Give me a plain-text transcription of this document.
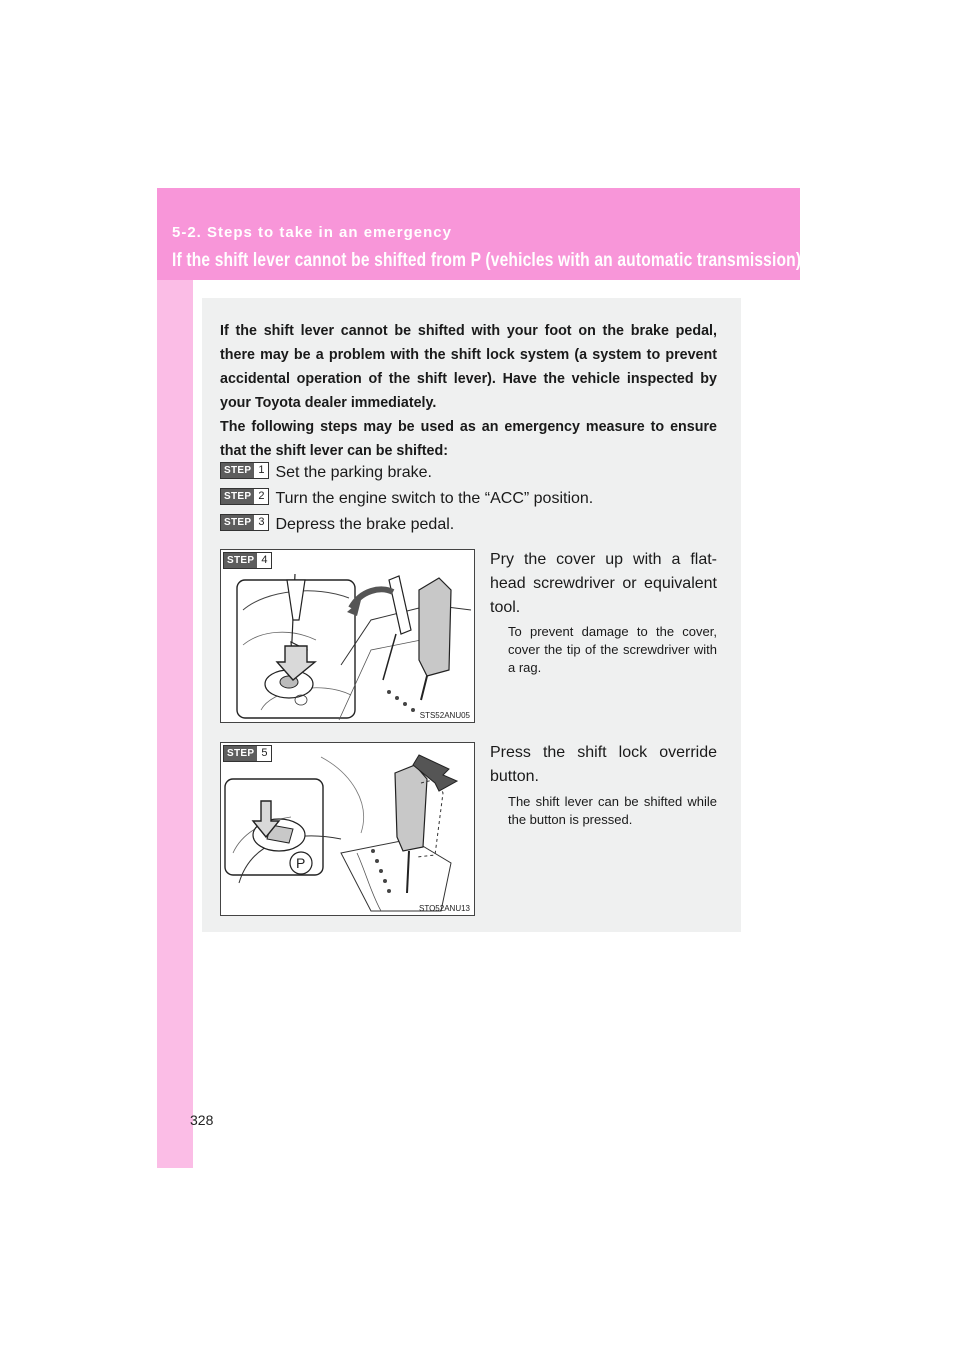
5-2. Steps to take in an emergency
If the shift lever cannot be shifted from P (vehicles with an automatic transmission)

If the shift lever cannot be shifted with your foot on the brake pedal, there may be a problem with the shift lock system (a system to prevent accidental operation of the shift lever). Have the vehicle inspected by your Toyota dealer immediately.

The following steps may be used as an emergency measure to ensure that the shift lever can be shifted:

STEP 1 Set the parking brake.
STEP 2 Turn the engine switch to the “ACC” position.
STEP 3 Depress the brake pedal.
STEP 4
STS52ANU05
Pry the cover up with a flat-head screwdriver or equivalent tool.
To prevent damage to the cover, cover the tip of the screwdriver with a rag.
P
STEP 5
STO52ANU13
Press the shift lock override button.
The shift lever can be shifted while the button is pressed.
328
